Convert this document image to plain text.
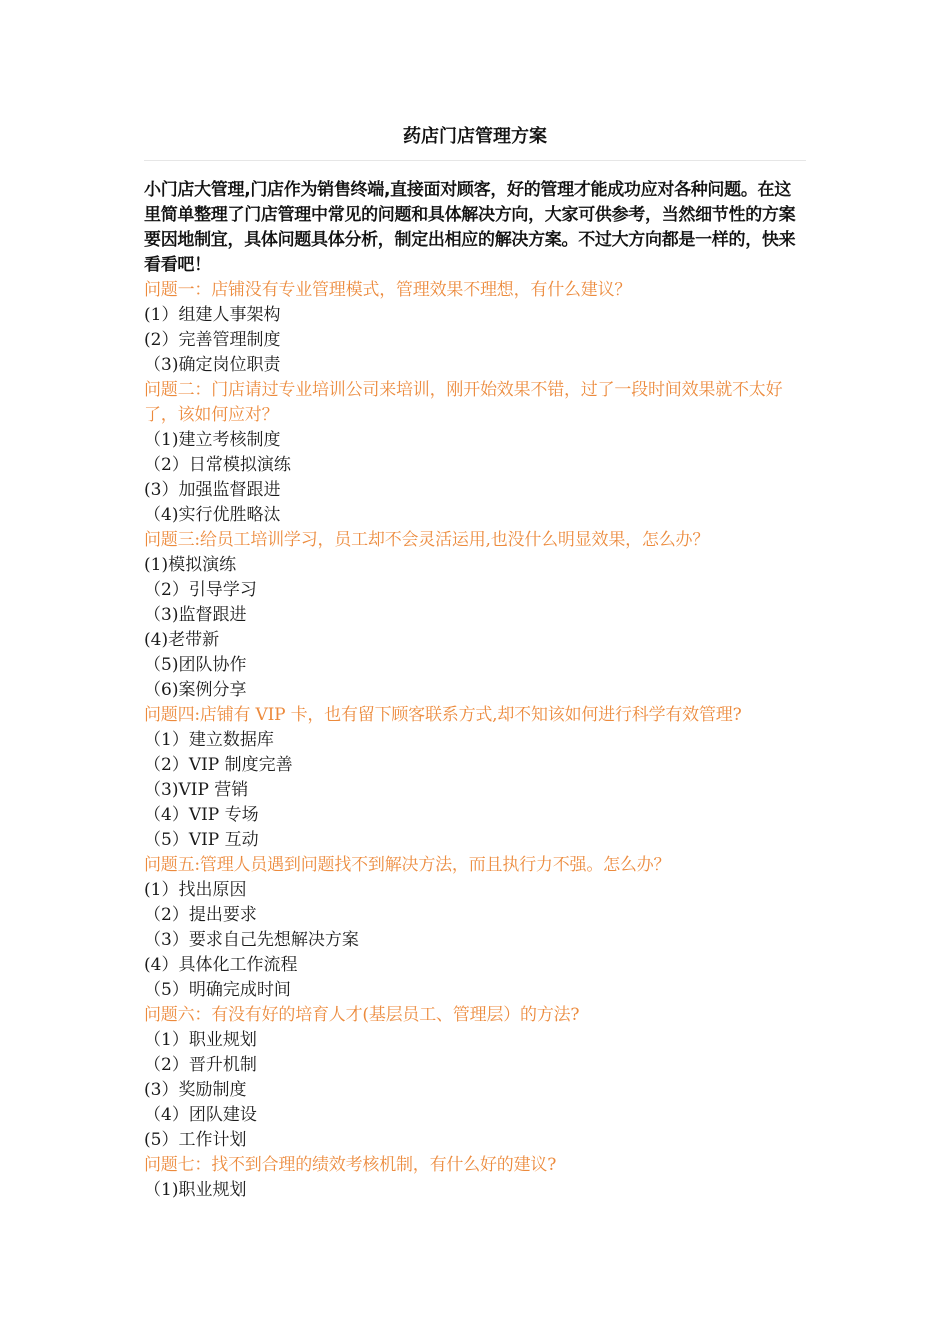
药店门店管理方案
小门店大管理,门店作为销售终端,直接面对顾客，好的管理才能成功应对各种问题。在这里简单整理了门店管理中常见的问题和具体解决方向，大家可供参考，当然细节性的方案要因地制宜，具体问题具体分析，制定出相应的解决方案。不过大方向都是一样的，快来看看吧！
问题一：店铺没有专业管理模式，管理效果不理想，有什么建议？
(1）组建人事架构
(2）完善管理制度
（3)确定岗位职责
问题二：门店请过专业培训公司来培训，刚开始效果不错，过了一段时间效果就不太好了，该如何应对？
（1)建立考核制度
（2）日常模拟演练
(3）加强监督跟进
（4)实行优胜略汰
问题三:给员工培训学习，员工却不会灵活运用,也没什么明显效果，怎么办？
(1)模拟演练
（2）引导学习
（3)监督跟进
(4)老带新
（5)团队协作
（6)案例分享
问题四:店铺有 VIP 卡，也有留下顾客联系方式,却不知该如何进行科学有效管理?
（1）建立数据库
（2）VIP 制度完善
（3)VIP 营销
（4）VIP 专场
（5）VIP 互动
问题五:管理人员遇到问题找不到解决方法，而且执行力不强。怎么办？
(1）找出原因
（2）提出要求
（3）要求自己先想解决方案
(4）具体化工作流程
（5）明确完成时间
问题六：有没有好的培育人才(基层员工、管理层）的方法?
（1）职业规划
（2）晋升机制
(3）奖励制度
（4）团队建设
(5）工作计划
问题七：找不到合理的绩效考核机制，有什么好的建议?
（1)职业规划
